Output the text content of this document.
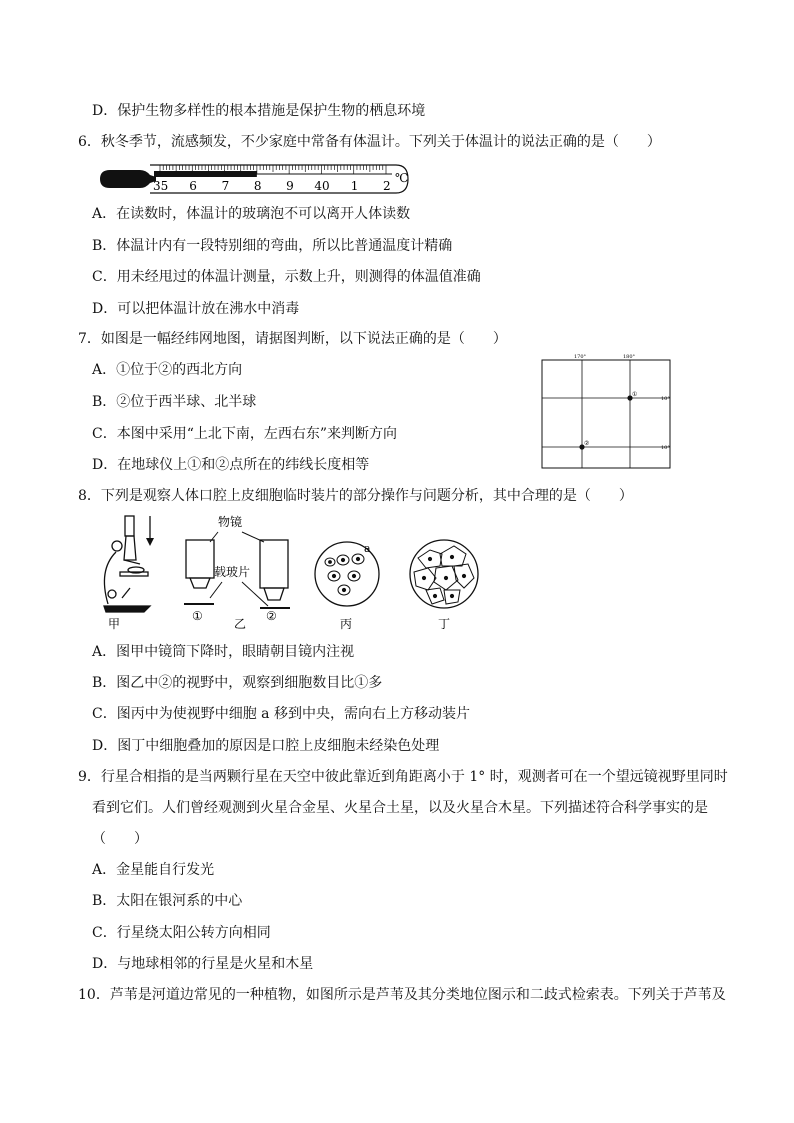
D．保护生物多样性的根本措施是保护生物的栖息环境
6．秋冬季节，流感频发，不少家庭中常备有体温计。下列关于体温计的说法正确的是（　　）
35 6 7 8 9 40 1 2
℃
A．在读数时，体温计的玻璃泡不可以离开人体读数
B．体温计内有一段特别细的弯曲，所以比普通温度计精确
C．用未经甩过的体温计测量，示数上升，则测得的体温值准确
D．可以把体温计放在沸水中消毒
7．如图是一幅经纬网地图，请据图判断，以下说法正确的是（　　）
A．①位于②的西北方向
B．②位于西半球、北半球
C．本图中采用“上北下南，左西右东”来判断方向
D．在地球仪上①和②点所在的纬线长度相等
170°	180°
10°
10°
①
②
8．下列是观察人体口腔上皮细胞临时装片的部分操作与问题分析，其中合理的是（　　）
甲
物镜
载玻片
①	②
乙
a
丙	丁
A．图甲中镜筒下降时，眼睛朝目镜内注视
B．图乙中②的视野中，观察到细胞数目比①多
C．图丙中为使视野中细胞 a 移到中央，需向右上方移动装片
D．图丁中细胞叠加的原因是口腔上皮细胞未经染色处理
9．行星合相指的是当两颗行星在天空中彼此靠近到角距离小于 1° 时，观测者可在一个望远镜视野里同时
看到它们。人们曾经观测到火星合金星、火星合土星，以及火星合木星。下列描述符合科学事实的是
（　　）
A．金星能自行发光
B．太阳在银河系的中心
C．行星绕太阳公转方向相同
D．与地球相邻的行星是火星和木星
10．芦苇是河道边常见的一种植物，如图所示是芦苇及其分类地位图示和二歧式检索表。下列关于芦苇及
